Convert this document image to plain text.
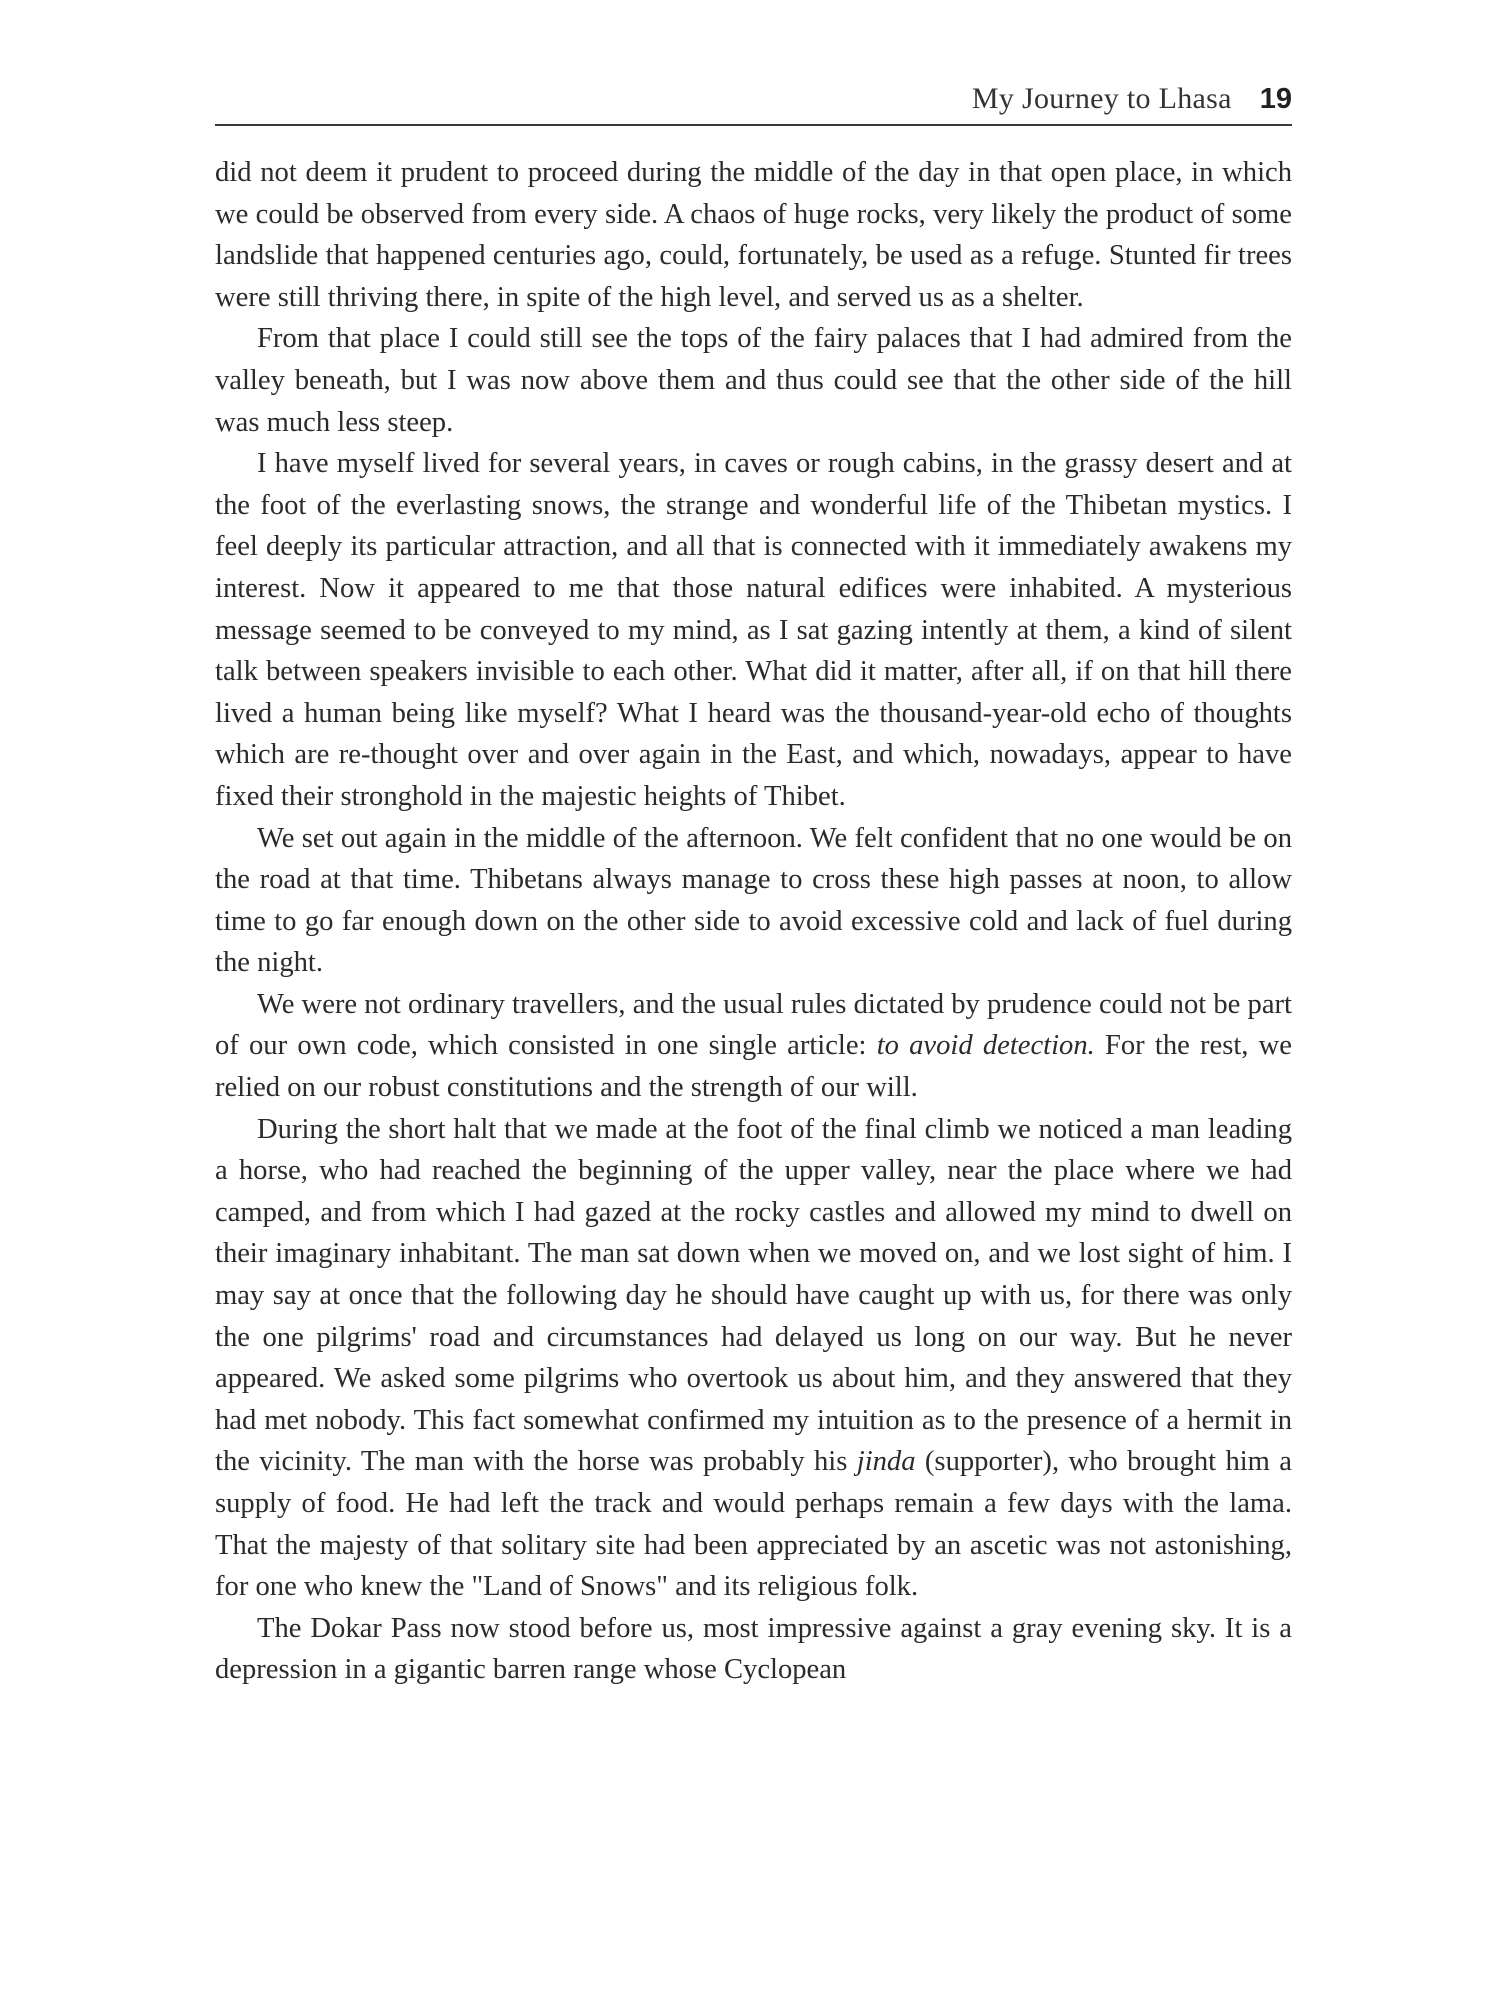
My Journey to Lhasa 19

did not deem it prudent to proceed during the middle of the day in that open place, in which we could be observed from every side. A chaos of huge rocks, very likely the product of some landslide that happened centuries ago, could, fortunately, be used as a refuge. Stunted fir trees were still thriving there, in spite of the high level, and served us as a shelter.

From that place I could still see the tops of the fairy palaces that I had admired from the valley beneath, but I was now above them and thus could see that the other side of the hill was much less steep.

I have myself lived for several years, in caves or rough cabins, in the grassy desert and at the foot of the everlasting snows, the strange and wonderful life of the Thibetan mystics. I feel deeply its particular attraction, and all that is connected with it immediately awakens my interest. Now it appeared to me that those natural edifices were inhabited. A mysterious message seemed to be conveyed to my mind, as I sat gazing intently at them, a kind of silent talk between speakers invisible to each other. What did it matter, after all, if on that hill there lived a human being like myself? What I heard was the thousand-year-old echo of thoughts which are re-thought over and over again in the East, and which, nowadays, appear to have fixed their stronghold in the majestic heights of Thibet.

We set out again in the middle of the afternoon. We felt confident that no one would be on the road at that time. Thibetans always manage to cross these high passes at noon, to allow time to go far enough down on the other side to avoid excessive cold and lack of fuel during the night.

We were not ordinary travellers, and the usual rules dictated by prudence could not be part of our own code, which consisted in one single article: to avoid detection. For the rest, we relied on our robust constitutions and the strength of our will.

During the short halt that we made at the foot of the final climb we noticed a man leading a horse, who had reached the beginning of the upper valley, near the place where we had camped, and from which I had gazed at the rocky castles and allowed my mind to dwell on their imaginary inhabitant. The man sat down when we moved on, and we lost sight of him. I may say at once that the following day he should have caught up with us, for there was only the one pilgrims' road and circumstances had delayed us long on our way. But he never appeared. We asked some pilgrims who overtook us about him, and they answered that they had met nobody. This fact somewhat confirmed my intuition as to the presence of a hermit in the vicinity. The man with the horse was probably his jinda (supporter), who brought him a supply of food. He had left the track and would perhaps remain a few days with the lama. That the majesty of that solitary site had been appreciated by an ascetic was not astonishing, for one who knew the "Land of Snows" and its religious folk.

The Dokar Pass now stood before us, most impressive against a gray evening sky. It is a depression in a gigantic barren range whose Cyclopean
